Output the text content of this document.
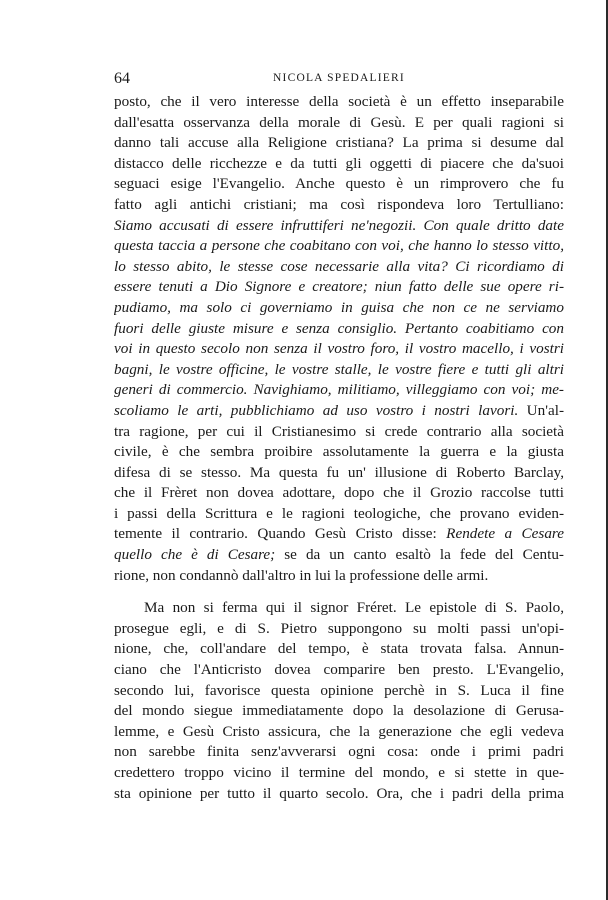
64	NICOLA SPEDALIERI
posto, che il vero interesse della società è un effetto inseparabile
dall'esatta osservanza della morale di Gesù. E per quali ragioni si
danno tali accuse alla Religione cristiana? La prima si desume dal
distacco delle ricchezze e da tutti gli oggetti di piacere che da'suoi
seguaci esige l'Evangelio. Anche questo è un rimprovero che fu
fatto agli antichi cristiani; ma così rispondeva loro Tertulliano:
Siamo accusati di essere infruttiferi ne'negozii. Con quale dritto date
questa taccia a persone che coabitano con voi, che hanno lo stesso vitto,
lo stesso abito, le stesse cose necessarie alla vita? Ci ricordiamo di
essere tenuti a Dio Signore e creatore; niun fatto delle sue opere ri-
pudiamo, ma solo ci governiamo in guisa che non ce ne serviamo
fuori delle giuste misure e senza consiglio. Pertanto coabitiamo con
voi in questo secolo non senza il vostro foro, il vostro macello, i vostri
bagni, le vostre officine, le vostre stalle, le vostre fiere e tutti gli altri
generi di commercio. Navighiamo, militiamo, villeggiamo con voi; me-
scoliamo le arti, pubblichiamo ad uso vostro i nostri lavori. Un'al-
tra ragione, per cui il Cristianesimo si crede contrario alla società
civile, è che sembra proibire assolutamente la guerra e la giusta
difesa di se stesso. Ma questa fu un' illusione di Roberto Barclay,
che il Frèret non dovea adottare, dopo che il Grozio raccolse tutti
i passi della Scrittura e le ragioni teologiche, che provano eviden-
temente il contrario. Quando Gesù Cristo disse: Rendete a Cesare
quello che è di Cesare; se da un canto esaltò la fede del Centu-
rione, non condannò dall'altro in lui la professione delle armi.
Ma non si ferma qui il signor Fréret. Le epistole di S. Paolo,
prosegue egli, e di S. Pietro suppongono su molti passi un'opi-
nione, che, coll'andare del tempo, è stata trovata falsa. Annun-
ciano che l'Anticristo dovea comparire ben presto. L'Evangelio,
secondo lui, favorisce questa opinione perchè in S. Luca il fine
del mondo siegue immediatamente dopo la desolazione di Gerusa-
lemme, e Gesù Cristo assicura, che la generazione che egli vedeva
non sarebbe finita senz'avverarsi ogni cosa: onde i primi padri
credettero troppo vicino il termine del mondo, e si stette in que-
sta opinione per tutto il quarto secolo. Ora, che i padri della prima
